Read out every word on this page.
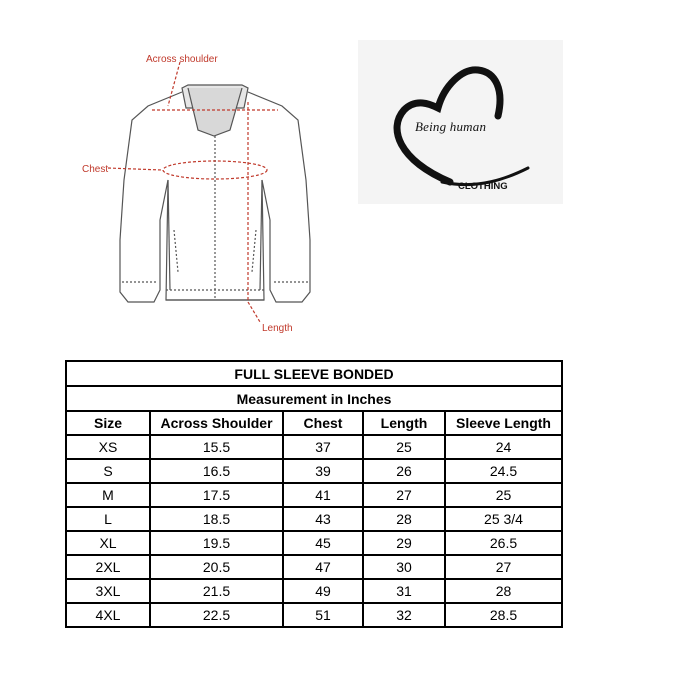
Across shoulder
Chest
Length
Being human
CLOTHING
FULL SLEEVE BONDED				
Measurement in Inches				
Size	Across Shoulder	Chest	Length	Sleeve Length
XS	15.5	37	25	24
S	16.5	39	26	24.5
M	17.5	41	27	25
L	18.5	43	28	25 3/4
XL	19.5	45	29	26.5
2XL	20.5	47	30	27
3XL	21.5	49	31	28
4XL	22.5	51	32	28.5
